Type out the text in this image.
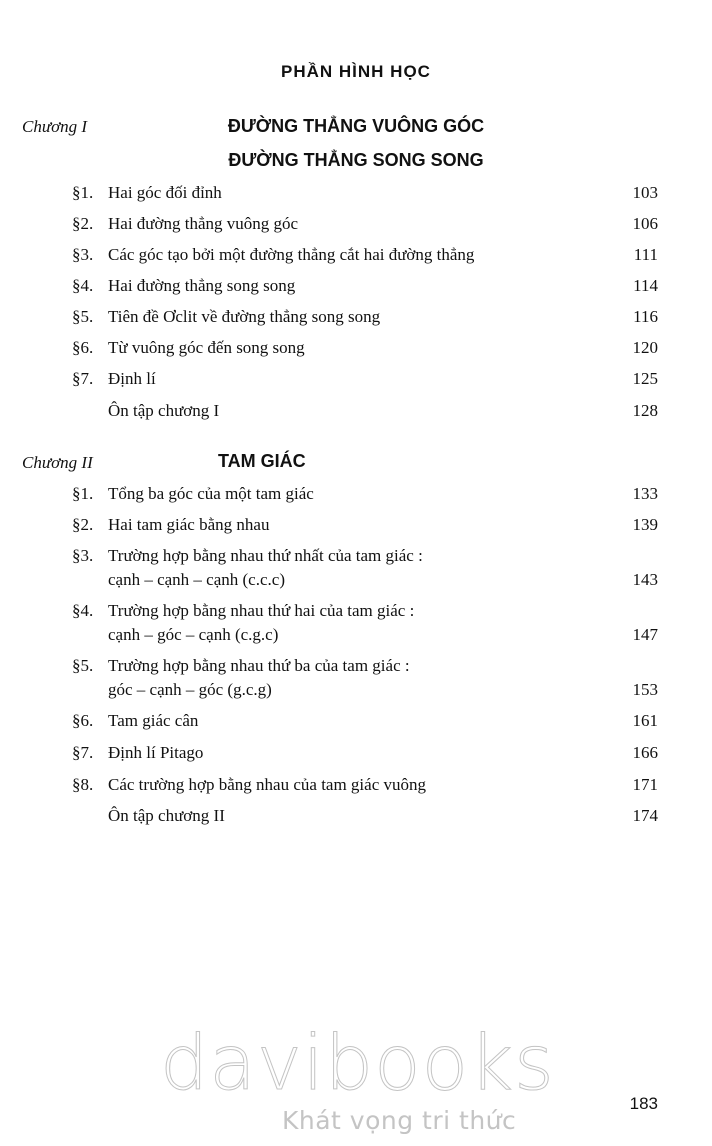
PHẦN HÌNH HỌC
Chương I	ĐƯỜNG THẲNG VUÔNG GÓC
ĐƯỜNG THẲNG SONG SONG
§1. Hai góc đối đỉnh	103
§2. Hai đường thẳng vuông góc	106
§3. Các góc tạo bởi một đường thẳng cắt hai đường thẳng	111
§4. Hai đường thẳng song song	114
§5. Tiên đề Ơclit về đường thẳng song song	116
§6. Từ vuông góc đến song song	120
§7. Định lí	125
Ôn tập chương I	128
Chương II	TAM GIÁC
§1. Tổng ba góc của một tam giác	133
§2. Hai tam giác bằng nhau	139
§3. Trường hợp bằng nhau thứ nhất của tam giác :
cạnh – cạnh – cạnh (c.c.c)	143
§4. Trường hợp bằng nhau thứ hai của tam giác :
cạnh – góc – cạnh (c.g.c)	147
§5. Trường hợp bằng nhau thứ ba của tam giác :
góc – cạnh – góc (g.c.g)	153
§6. Tam giác cân	161
§7. Định lí Pitago	166
§8. Các trường hợp bằng nhau của tam giác vuông	171
Ôn tập chương II	174
davibooks
Khát vọng tri thức
183
